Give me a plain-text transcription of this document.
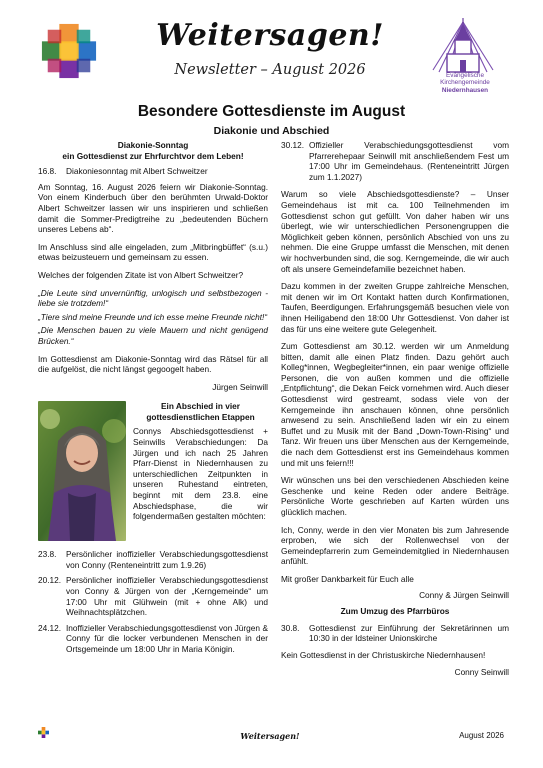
Weitersagen!
Newsletter – August 2026	Evangelische
Kirchengemeinde
Niedernhausen
Besondere Gottesdienste im August
Diakonie und Abschied

Diakonie-Sonntag
ein Gottesdienst zur Ehrfurchtvor dem Leben!

16.8.	Diakoniesonntag mit Albert Schweitzer

Am Sonntag, 16. August 2026 feiern wir Diakonie-Sonntag. Von einem Kinderbuch über den berühmten Urwald-Doktor Albert Schweitzer lassen wir uns inspirieren und schließen damit die Sommer-Predigtreihe zu „bedeutenden Büchern unseres Lebens ab“.

Im Anschluss sind alle eingeladen, zum „Mitbringbüffet“ (s.u.) etwas beizusteuern und gemeinsam zu essen.

Welches der folgenden Zitate ist von Albert Schweitzer?

„Die Leute sind unvernünftig, unlogisch und selbstbezogen - liebe sie trotzdem!“

„Tiere sind meine Freunde und ich esse meine Freunde nicht!“

„Die Menschen bauen zu viele Mauern und nicht genügend Brücken.“

Im Gottesdienst am Diakonie-Sonntag wird das Rätsel für all die aufgelöst, die nicht längst gegoogelt haben.

Jürgen Seinwill

Ein Abschied in vier
gottesdienstlichen Etappen

Connys Abschiedsgottesdienst + Seinwills Verabschiedungen: Da Jürgen und ich nach 25 Jahren Pfarr-Dienst in Niedernhausen zu unterschiedlichen Zeitpunkten in unseren Ruhestand eintreten, beginnt mit dem 23.8. eine Abschiedsphase, die wir folgendermaßen gestalten möchten:

23.8.	Persönlicher inoffizieller Verabschiedungsgottesdienst von Conny (Renteneintritt zum 1.9.26)
20.12. Persönlicher inoffizieller Verabschiedungsgottesdienst von Conny & Jürgen von der „Kerngemeinde“ um 17:00 Uhr mit Glühwein (mit + ohne Alk) und Weihnachtsplätzchen.
24.12. Inoffizieller Verabschiedungsgottesdienst von Jürgen & Conny für die locker verbundenen Menschen in der Ortsgemeinde um 18:00 Uhr in Maria Königin.
30.12. Offizieller Verabschiedungsgottesdienst vom Pfarrerehepaar Seinwill mit anschließendem Fest um 17:00 Uhr im Gemeindehaus. (Renteneintritt Jürgen zum 1.1.2027)

Warum so viele Abschiedsgottesdienste? – Unser Gemeindehaus ist mit ca. 100 Teilnehmenden im Gottesdienst schon gut gefüllt. Von daher haben wir uns überlegt, wie wir unterschiedlichen Personengruppen die Möglichkeit geben können, persönlich Abschied von uns zu nehmen. Die eine Gruppe umfasst die Menschen, mit denen wir hochverbunden sind, die sog. Kerngemeinde, die wir auch oft als unsere Gemeindefamilie bezeichnet haben.

Dazu kommen in der zweiten Gruppe zahlreiche Menschen, mit denen wir im Ort Kontakt hatten durch Konfirmationen, Taufen, Beerdigungen. Erfahrungsgemäß besuchen viele von ihnen Heiligabend den 18:00 Uhr Gottesdienst. Von daher ist das für uns eine weitere gute Gelegenheit.

Zum Gottesdienst am 30.12. werden wir um Anmeldung bitten, damit alle einen Platz finden. Dazu gehört auch Kolleg*innen, Wegbegleiter*innen, ein paar wenige offizielle Personen, die von außen kommen und die offizielle „Entpflichtung“, die Dekan Feick vornehmen wird. Auch dieser Gottesdienst wird gestreamt, sodass viele von der Kerngemeinde ihn anschauen können, ohne persönlich anwesend zu sein. Anschließend laden wir ein zu einem Buffet und zu Musik mit der Band „Down-Town-Rising“ und Tanz. Wir freuen uns über Menschen aus der Kerngemeinde, die nach dem Gottesdienst erst ins Gemeindehaus kommen und mit uns feiern!!!

Wir wünschen uns bei den verschiedenen Abschieden keine Geschenke und keine Reden oder andere Beiträge. Persönliche Worte geschrieben auf Karten würden uns glücklich machen.

Ich, Conny, werde in den vier Monaten bis zum Jahresende erproben, wie sich der Rollenwechsel von der Gemeindepfarrerin zum Gemeindemitglied in Niedernhausen anfühlt.

Mit großer Dankbarkeit für Euch alle

Conny & Jürgen Seinwill

Zum Umzug des Pfarrbüros

30.8.	Gottesdienst zur Einführung der Sekretärinnen um 10:30 in der Idsteiner Unionskirche

Kein Gottesdienst in der Christuskirche Niedernhausen!

Conny Seinwill

Weitersagen!	August 2026
